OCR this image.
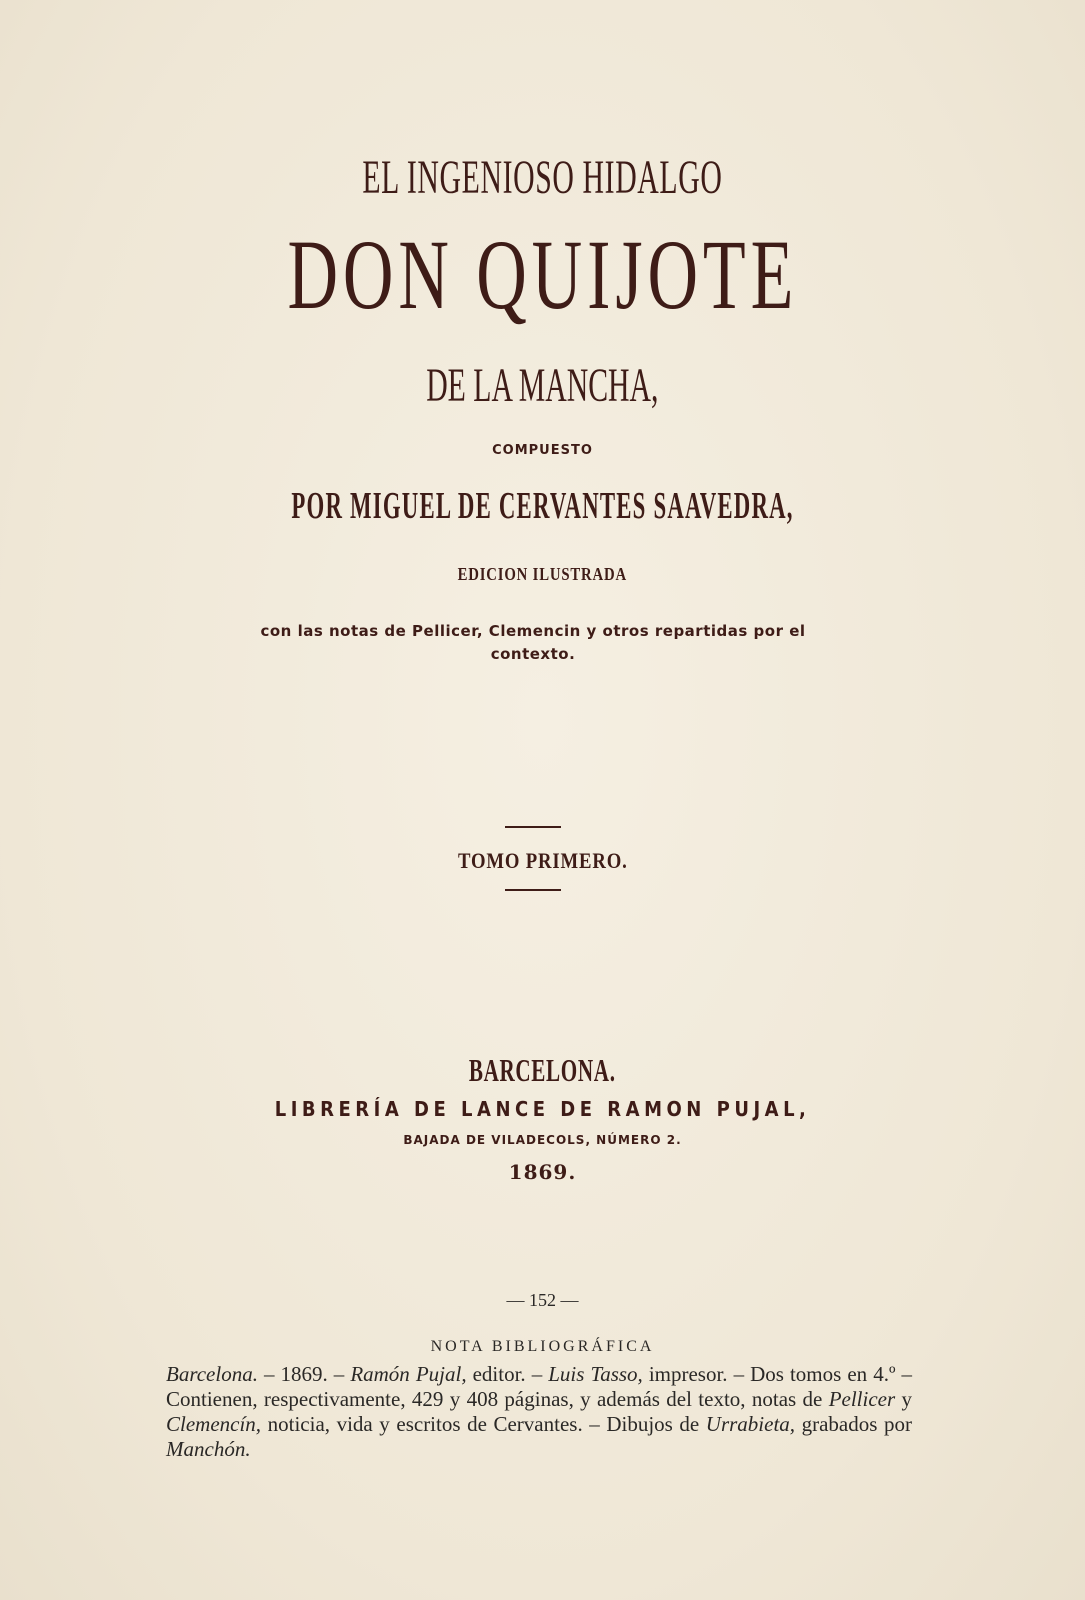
EL INGENIOSO HIDALGO
DON QUIJOTE
DE LA MANCHA,
COMPUESTO
POR MIGUEL DE CERVANTES SAAVEDRA,
EDICION ILUSTRADA
con las notas de Pellicer, Clemencin y otros repartidas por el contexto.
TOMO PRIMERO.
BARCELONA.
LIBRERÍA DE LANCE DE RAMON PUJAL,
BAJADA DE VILADECOLS, NÚMERO 2.
1869.
— 152 —
NOTA BIBLIOGRÁFICA
Barcelona. – 1869. – Ramón Pujal, editor. – Luis Tasso, impresor. – Dos tomos en 4.º – Contienen, respectivamente, 429 y 408 páginas, y además del texto, notas de Pellicer y Clemencín, noticia, vida y escritos de Cervantes. – Dibujos de Urrabieta, grabados por Manchón.
